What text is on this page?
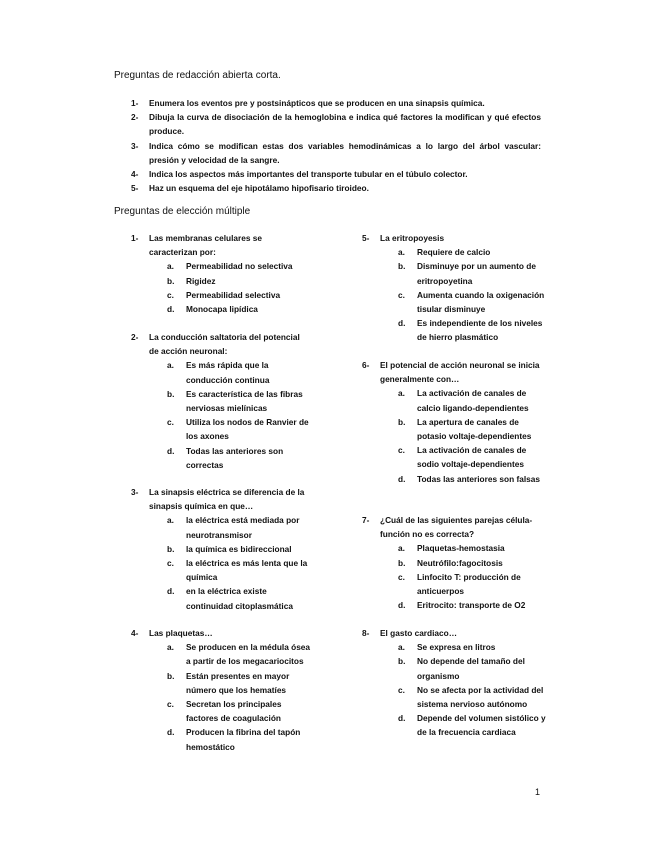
Preguntas de redacción abierta corta.
1- Enumera los eventos pre y postsinápticos que se producen en una sinapsis química.
2- Dibuja la curva de disociación de la hemoglobina e indica qué factores la modifican y qué efectos produce.
3- Indica cómo se modifican estas dos variables hemodinámicas a lo largo del árbol vascular: presión y velocidad de la sangre.
4- Indica los aspectos más importantes del transporte tubular en el túbulo colector.
5- Haz un esquema del eje hipotálamo hipofisario tiroideo.
Preguntas de elección múltiple
1- Las membranas celulares se caracterizan por:
a. Permeabilidad no selectiva
b. Rigidez
c. Permeabilidad selectiva
d. Monocapa lipídica
2- La conducción saltatoria del potencial de acción neuronal:
a. Es más rápida que la conducción continua
b. Es característica de las fibras nerviosas mielínicas
c. Utiliza los nodos de Ranvier de los axones
d. Todas las anteriores son correctas
3- La sinapsis eléctrica se diferencia de la sinapsis química en que…
a. la eléctrica está mediada por neurotransmisor
b. la química es bidireccional
c. la eléctrica es más lenta que la química
d. en la eléctrica existe continuidad citoplasmática
4- Las plaquetas…
a. Se producen en la médula ósea a partir de los megacariocitos
b. Están presentes en mayor número que los hematíes
c. Secretan los principales factores de coagulación
d. Producen la fibrina del tapón hemostático
5- La eritropoyesis
a. Requiere de calcio
b. Disminuye por un aumento de eritropoyetina
c. Aumenta cuando la oxigenación tisular disminuye
d. Es independiente de los niveles de hierro plasmático
6- El potencial de acción neuronal se inicia generalmente con…
a. La activación de canales de calcio ligando-dependientes
b. La apertura de canales de potasio voltaje-dependientes
c. La activación de canales de sodio voltaje-dependientes
d. Todas las anteriores son falsas
7- ¿Cuál de las siguientes parejas célula-función no es correcta?
a. Plaquetas-hemostasia
b. Neutrófilo:fagocitosis
c. Linfocito T: producción de anticuerpos
d. Eritrocito: transporte de O2
8- El gasto cardiaco…
a. Se expresa en litros
b. No depende del tamaño del organismo
c. No se afecta por la actividad del sistema nervioso autónomo
d. Depende del volumen sistólico y de la frecuencia cardiaca
1
